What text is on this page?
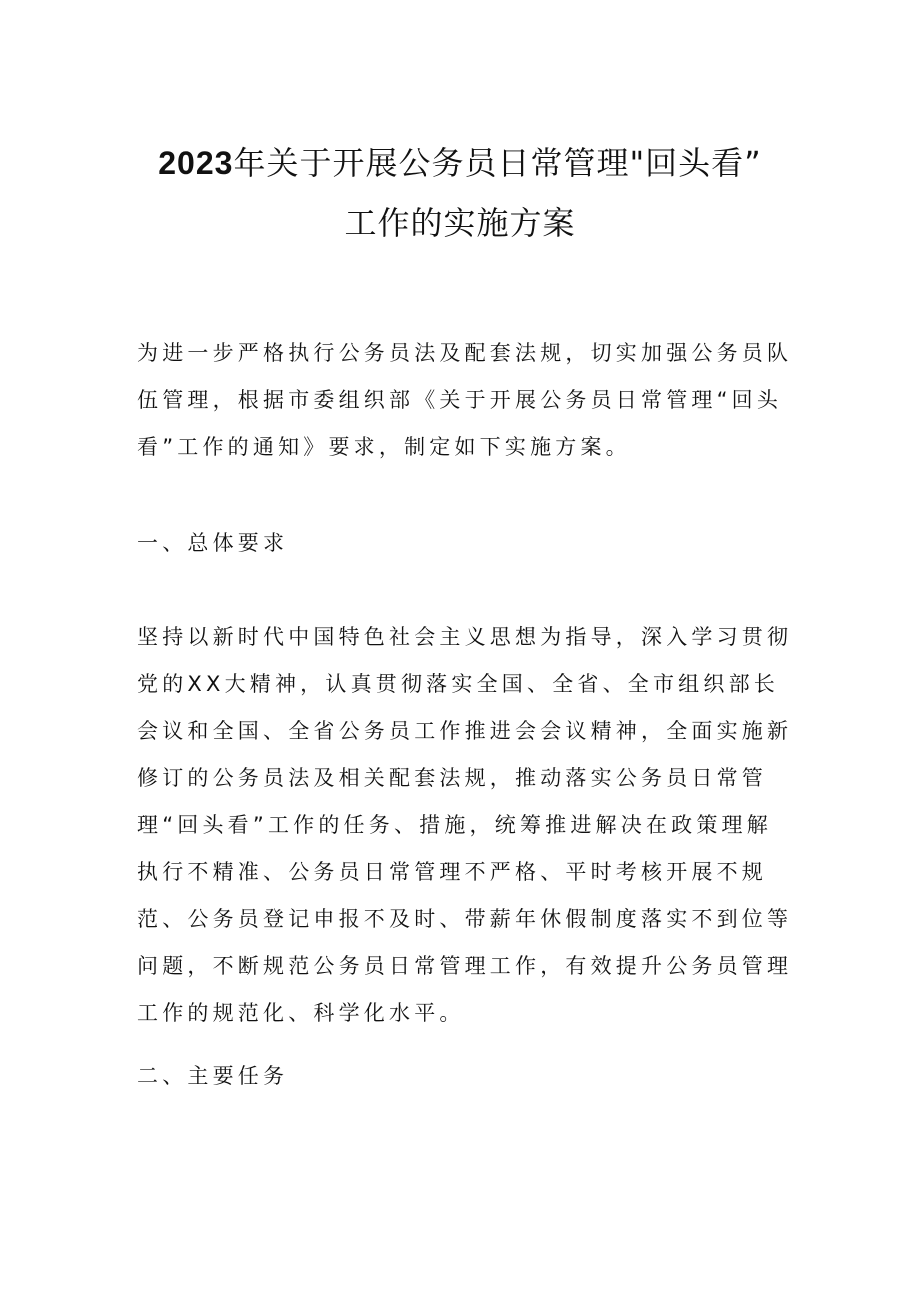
2023年关于开展公务员日常管理"回头看”
工作的实施方案

为进一步严格执行公务员法及配套法规，切实加强公务员队伍管理，根据市委组织部《关于开展公务员日常管理“回头看”工作的通知》要求，制定如下实施方案。

一、总体要求

坚持以新时代中国特色社会主义思想为指导，深入学习贯彻党的XX大精神，认真贯彻落实全国、全省、全市组织部长会议和全国、全省公务员工作推进会会议精神，全面实施新修订的公务员法及相关配套法规，推动落实公务员日常管理“回头看”工作的任务、措施，统筹推进解决在政策理解执行不精准、公务员日常管理不严格、平时考核开展不规范、公务员登记申报不及时、带薪年休假制度落实不到位等问题，不断规范公务员日常管理工作，有效提升公务员管理工作的规范化、科学化水平。

二、主要任务
